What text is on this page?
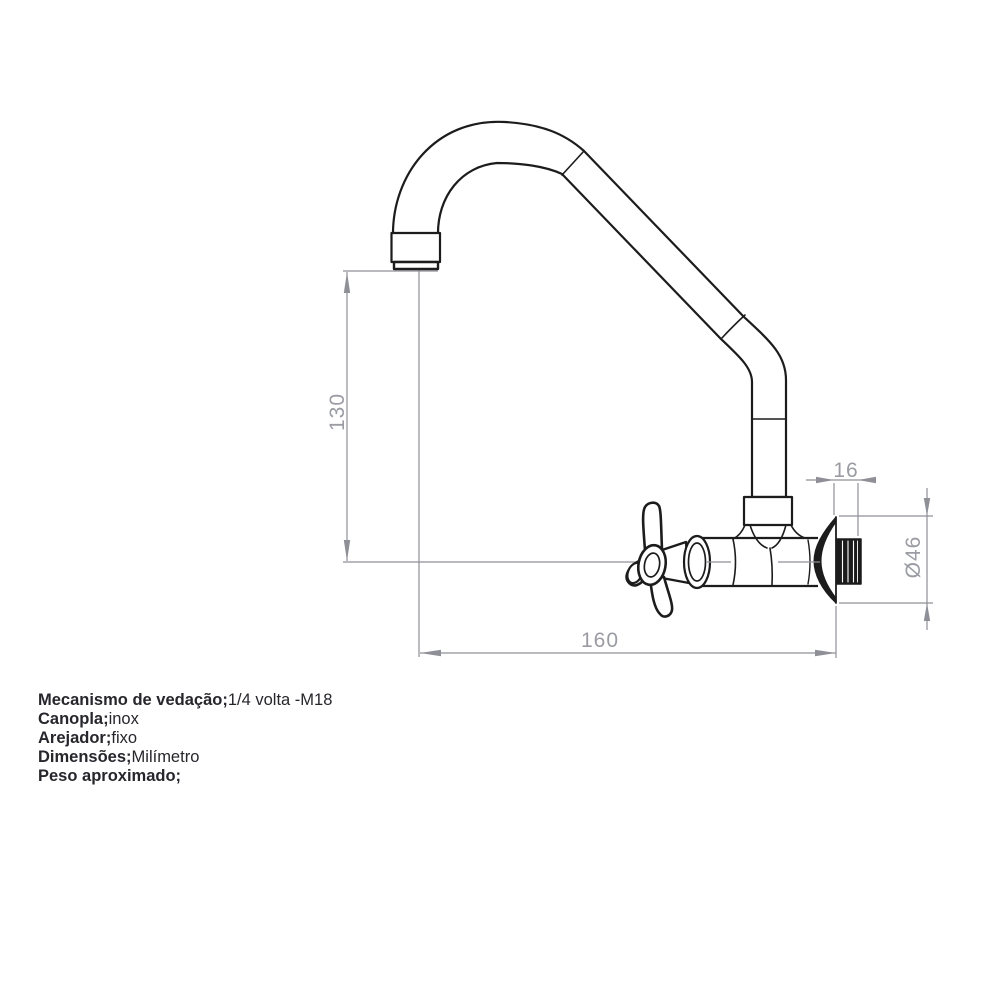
130
160
16
Ø46

Mecanismo de vedação;1/4 volta -M18

Canopla;inox

Arejador;fixo

Dimensões;Milímetro

Peso aproximado;
